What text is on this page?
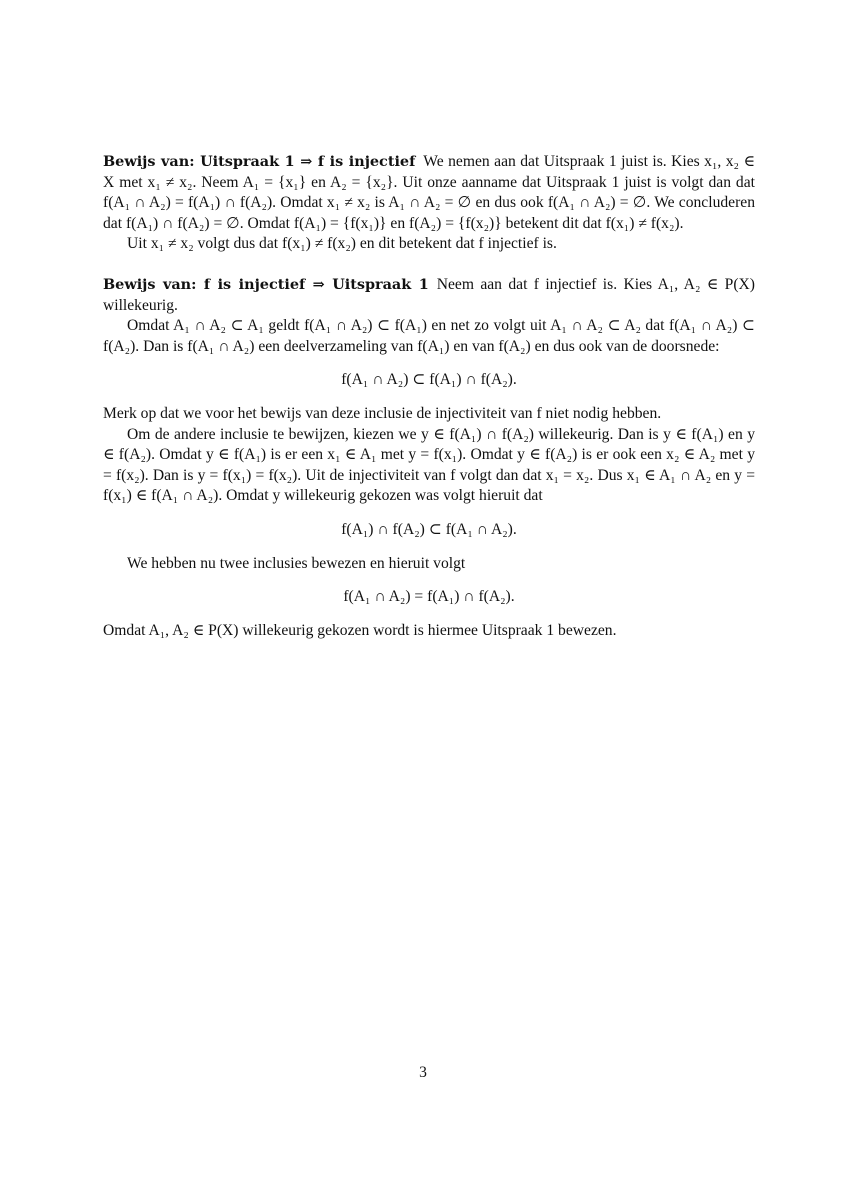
Bewijs van: Uitspraak 1 ⇒ f is injectief We nemen aan dat Uitspraak 1 juist is. Kies x₁, x₂ ∈ X met x₁ ≠ x₂. Neem A₁ = {x₁} en A₂ = {x₂}. Uit onze aanname dat Uitspraak 1 juist is volgt dan dat f(A₁ ∩ A₂) = f(A₁) ∩ f(A₂). Omdat x₁ ≠ x₂ is A₁ ∩ A₂ = ∅ en dus ook f(A₁ ∩ A₂) = ∅. We concluderen dat f(A₁) ∩ f(A₂) = ∅. Omdat f(A₁) = {f(x₁)} en f(A₂) = {f(x₂)} betekent dit dat f(x₁) ≠ f(x₂).

Uit x₁ ≠ x₂ volgt dus dat f(x₁) ≠ f(x₂) en dit betekent dat f injectief is.

Bewijs van: f is injectief ⇒ Uitspraak 1 Neem aan dat f injectief is. Kies A₁, A₂ ∈ P(X) willekeurig.

Omdat A₁ ∩ A₂ ⊂ A₁ geldt f(A₁ ∩ A₂) ⊂ f(A₁) en net zo volgt uit A₁ ∩ A₂ ⊂ A₂ dat f(A₁ ∩ A₂) ⊂ f(A₂). Dan is f(A₁ ∩ A₂) een deelverzameling van f(A₁) en van f(A₂) en dus ook van de doorsnede:

f(A₁ ∩ A₂) ⊂ f(A₁) ∩ f(A₂).

Merk op dat we voor het bewijs van deze inclusie de injectiviteit van f niet nodig hebben.

Om de andere inclusie te bewijzen, kiezen we y ∈ f(A₁) ∩ f(A₂) willekeurig. Dan is y ∈ f(A₁) en y ∈ f(A₂). Omdat y ∈ f(A₁) is er een x₁ ∈ A₁ met y = f(x₁). Omdat y ∈ f(A₂) is er ook een x₂ ∈ A₂ met y = f(x₂). Dan is y = f(x₁) = f(x₂). Uit de injectiviteit van f volgt dan dat x₁ = x₂. Dus x₁ ∈ A₁ ∩ A₂ en y = f(x₁) ∈ f(A₁ ∩ A₂). Omdat y willekeurig gekozen was volgt hieruit dat

f(A₁) ∩ f(A₂) ⊂ f(A₁ ∩ A₂).

We hebben nu twee inclusies bewezen en hieruit volgt

f(A₁ ∩ A₂) = f(A₁) ∩ f(A₂).

Omdat A₁, A₂ ∈ P(X) willekeurig gekozen wordt is hiermee Uitspraak 1 bewezen.

3
